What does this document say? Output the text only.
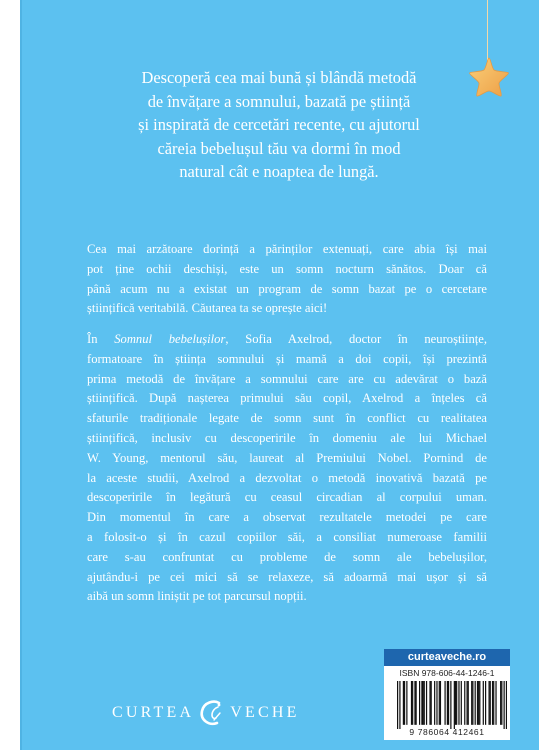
Descoperă cea mai bună și blândă metodă
de învățare a somnului, bazată pe știință
și inspirată de cercetări recente, cu ajutorul
căreia bebelușul tău va dormi în mod
natural cât e noaptea de lungă.
Cea mai arzătoare dorință a părinților extenuați, care abia își mai
pot ține ochii deschiși, este un somn nocturn sănătos. Doar că
până acum nu a existat un program de somn bazat pe o cercetare
științifică veritabilă. Căutarea ta se oprește aici!
În Somnul bebelușilor, Sofia Axelrod, doctor în neuroștiințe,
formatoare în știința somnului și mamă a doi copii, își prezintă
prima metodă de învățare a somnului care are cu adevărat o bază
științifică. După nașterea primului său copil, Axelrod a înțeles că
sfaturile tradiționale legate de somn sunt în conflict cu realitatea
științifică, inclusiv cu descoperirile în domeniu ale lui Michael
W. Young, mentorul său, laureat al Premiului Nobel. Pornind de
la aceste studii, Axelrod a dezvoltat o metodă inovativă bazată pe
descoperirile în legătură cu ceasul circadian al corpului uman.
Din momentul în care a observat rezultatele metodei pe care
a folosit-o și în cazul copiilor săi, a consiliat numeroase familii
care s-au confruntat cu probleme de somn ale bebelușilor,
ajutându-i pe cei mici să se relaxeze, să adoarmă mai ușor și să
aibă un somn liniștit pe tot parcursul nopții.
CURTEA VECHE
curteaveche.ro
ISBN 978-606-44-1246-1
9 786064 412461
